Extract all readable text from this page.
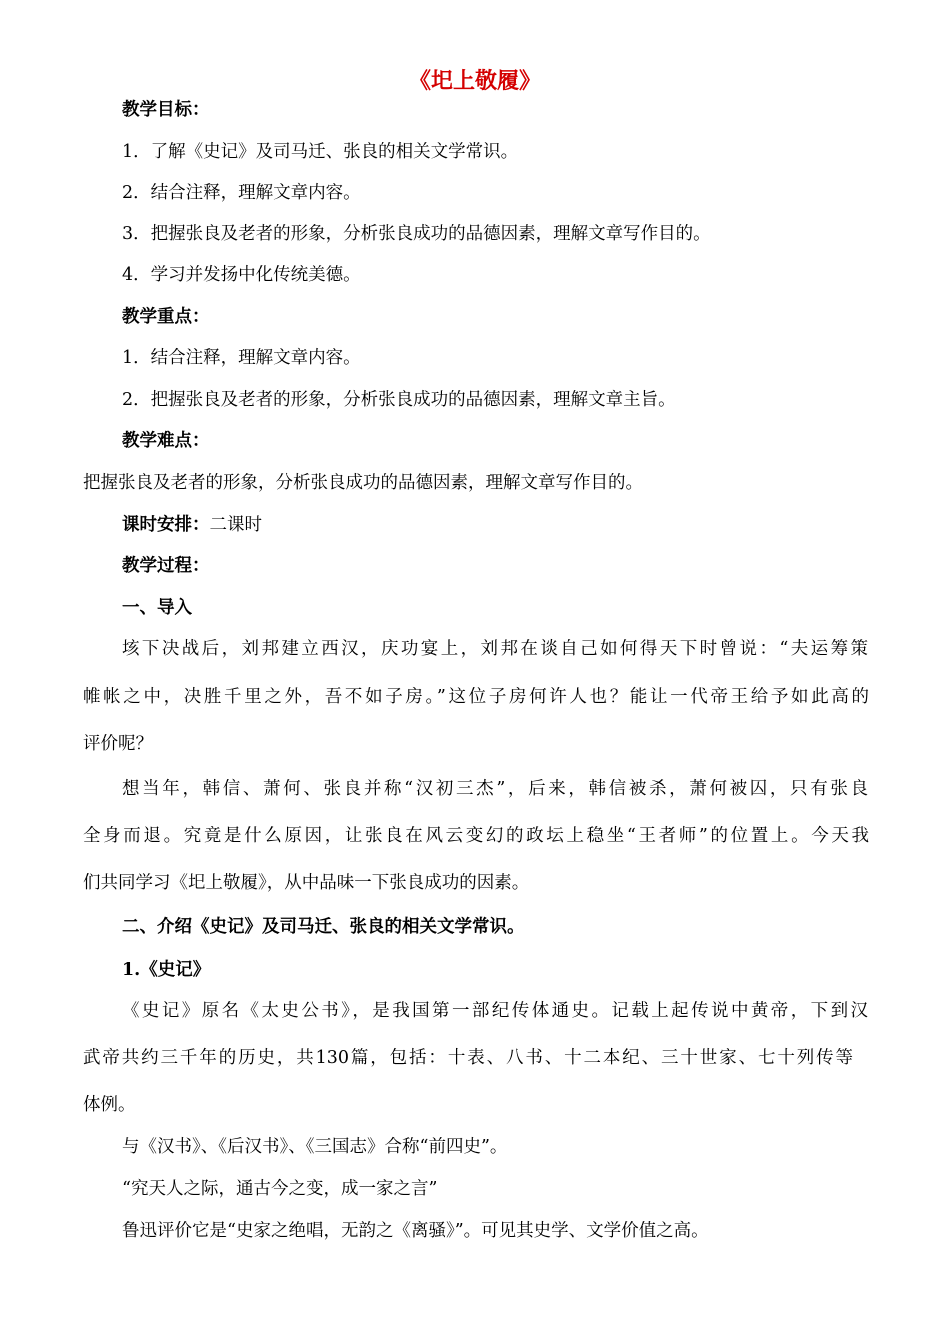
《圯上敬履》
教学目标：
1．了解《史记》及司马迁、张良的相关文学常识。
2．结合注释，理解文章内容。
3．把握张良及老者的形象，分析张良成功的品德因素，理解文章写作目的。
4．学习并发扬中化传统美德。
教学重点：
1．结合注释，理解文章内容。
2．把握张良及老者的形象，分析张良成功的品德因素，理解文章主旨。
教学难点：
把握张良及老者的形象，分析张良成功的品德因素，理解文章写作目的。
课时安排：二课时
教学过程：
一、导入
垓下决战后，刘邦建立西汉，庆功宴上，刘邦在谈自己如何得天下时曾说：“夫运筹策
帷帐之中，决胜千里之外，吾不如子房。”这位子房何许人也？能让一代帝王给予如此高的
评价呢？
想当年，韩信、萧何、张良并称“汉初三杰”，后来，韩信被杀，萧何被囚，只有张良
全身而退。究竟是什么原因，让张良在风云变幻的政坛上稳坐“王者师”的位置上。今天我
们共同学习《圯上敬履》，从中品味一下张良成功的因素。
二、介绍《史记》及司马迁、张良的相关文学常识。
1.《史记》
《史记》原名《太史公书》，是我国第一部纪传体通史。记载上起传说中黄帝，下到汉
武帝共约三千年的历史，共130篇，包括：十表、八书、十二本纪、三十世家、七十列传等
体例。
与《汉书》、《后汉书》、《三国志》合称“前四史”。
“究天人之际，通古今之变，成一家之言”
鲁迅评价它是“史家之绝唱，无韵之《离骚》”。可见其史学、文学价值之高。
